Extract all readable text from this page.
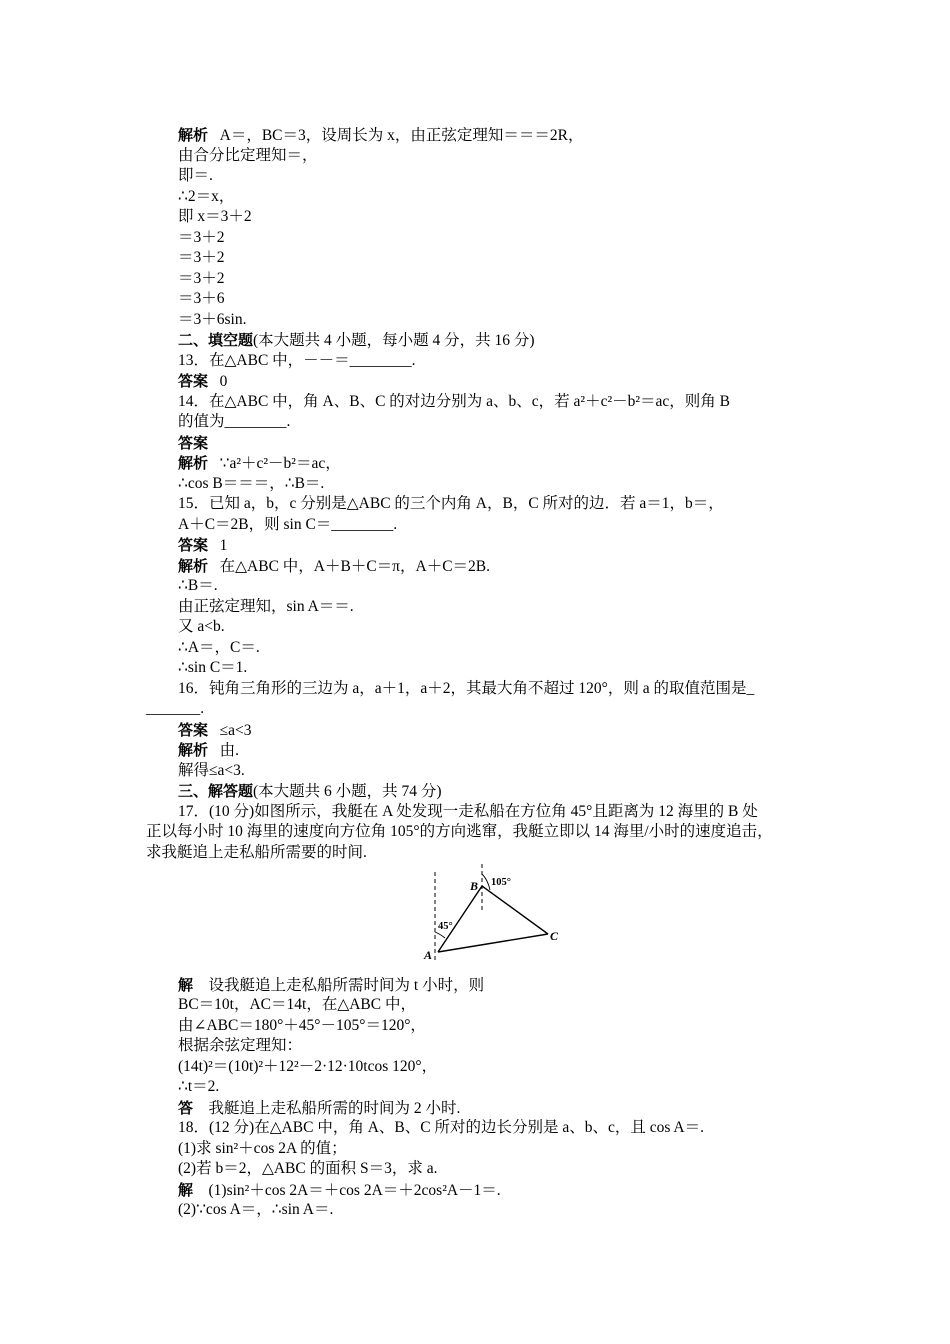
解析 A＝，BC＝3，设周长为 x，由正弦定理知＝＝＝2R，
由合分比定理知＝，
即＝.
∴2＝x，
即 x＝3＋2
＝3＋2
＝3＋2
＝3＋2
＝3＋6
＝3＋6sin.
二、填空题(本大题共 4 小题，每小题 4 分，共 16 分)
13．在△ABC 中，－－＝________.
答案 0
14．在△ABC 中，角 A、B、C 的对边分别为 a、b、c，若 a²＋c²－b²＝ac，则角 B
的值为________.
答案
解析 ∵a²＋c²－b²＝ac，
∴cos B＝＝＝，∴B＝.
15．已知 a，b，c 分别是△ABC 的三个内角 A，B，C 所对的边．若 a＝1，b＝，
A＋C＝2B，则 sin C＝________.
答案 1
解析 在△ABC 中，A＋B＋C＝π，A＋C＝2B.
∴B＝.
由正弦定理知，sin A＝＝.
又 a<b.
∴A＝，C＝.
∴sin C＝1.
16．钝角三角形的三边为 a，a＋1，a＋2，其最大角不超过 120°，则 a 的取值范围是_
_______.
答案 ≤a<3
解析 由.
解得≤a<3.
三、解答题(本大题共 6 小题，共 74 分)
17．(10 分)如图所示，我艇在 A 处发现一走私船在方位角 45°且距离为 12 海里的 B 处
正以每小时 10 海里的速度向方位角 105°的方向逃窜，我艇立即以 14 海里/小时的速度追击，
求我艇追上走私船所需要的时间.
A
B
C
45°
105°
解 设我艇追上走私船所需时间为 t 小时，则
BC＝10t，AC＝14t，在△ABC 中，
由∠ABC＝180°＋45°－105°＝120°，
根据余弦定理知：
(14t)²＝(10t)²＋12²－2·12·10tcos 120°，
∴t＝2.
答 我艇追上走私船所需的时间为 2 小时.
18．(12 分)在△ABC 中，角 A、B、C 所对的边长分别是 a、b、c，且 cos A＝.
(1)求 sin²＋cos 2A 的值；
(2)若 b＝2，△ABC 的面积 S＝3，求 a.
解 (1)sin²＋cos 2A＝＋cos 2A＝＋2cos²A－1＝.
(2)∵cos A＝，∴sin A＝.
